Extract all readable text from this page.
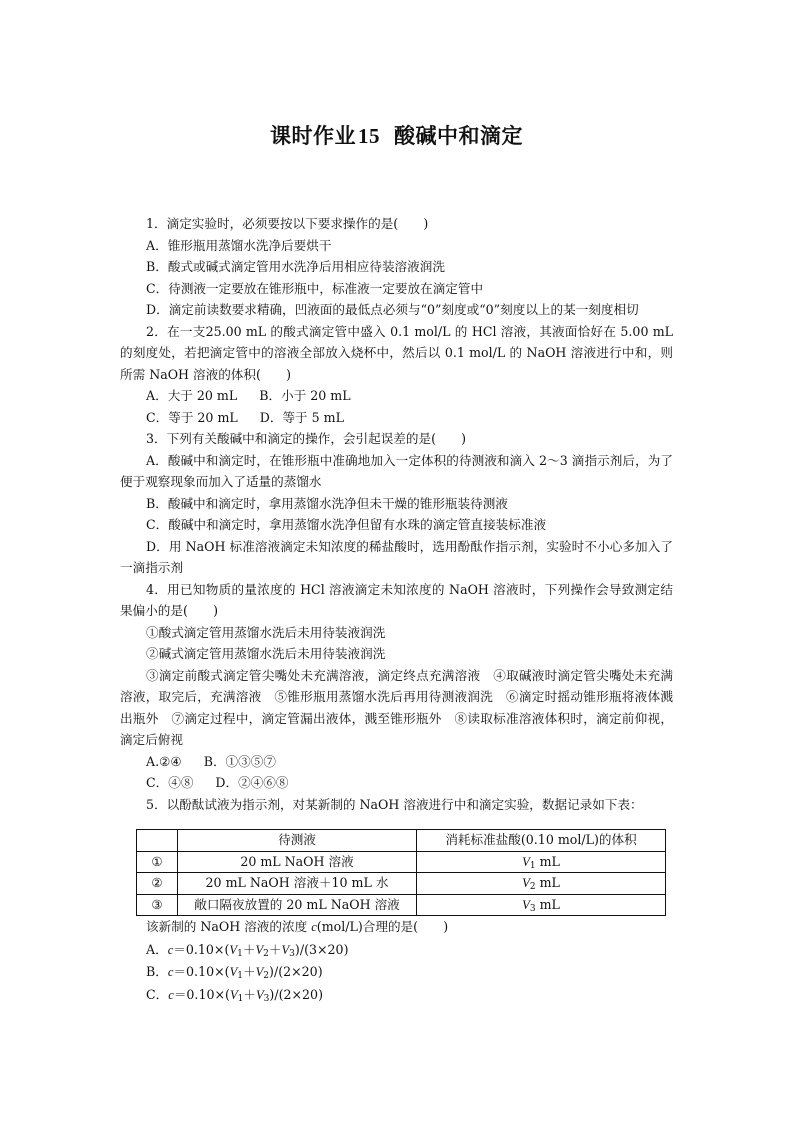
课时作业15 酸碱中和滴定

1．滴定实验时，必须要按以下要求操作的是(　　)

A．锥形瓶用蒸馏水洗净后要烘干

B．酸式或碱式滴定管用水洗净后用相应待装溶液润洗

C．待测液一定要放在锥形瓶中，标准液一定要放在滴定管中

D．滴定前读数要求精确，凹液面的最低点必须与“0”刻度或“0”刻度以上的某一刻度相切

2．在一支25.00 mL 的酸式滴定管中盛入 0.1 mol/L 的 HCl 溶液，其液面恰好在 5.00 mL 的刻度处，若把滴定管中的溶液全部放入烧杯中，然后以 0.1 mol/L 的 NaOH 溶液进行中和，则所需 NaOH 溶液的体积(　　)

A．大于 20 mL B．小于 20 mL

C．等于 20 mL D．等于 5 mL

3．下列有关酸碱中和滴定的操作，会引起误差的是(　　)

A．酸碱中和滴定时，在锥形瓶中准确地加入一定体积的待测液和滴入 2～3 滴指示剂后，为了便于观察现象而加入了适量的蒸馏水

B．酸碱中和滴定时，拿用蒸馏水洗净但未干燥的锥形瓶装待测液

C．酸碱中和滴定时，拿用蒸馏水洗净但留有水珠的滴定管直接装标准液

D．用 NaOH 标准溶液滴定未知浓度的稀盐酸时，选用酚酞作指示剂，实验时不小心多加入了一滴指示剂

4．用已知物质的量浓度的 HCl 溶液滴定未知浓度的 NaOH 溶液时，下列操作会导致测定结果偏小的是(　　)

①酸式滴定管用蒸馏水洗后未用待装液润洗

②碱式滴定管用蒸馏水洗后未用待装液润洗

③滴定前酸式滴定管尖嘴处未充满溶液，滴定终点充满溶液　④取碱液时滴定管尖嘴处未充满溶液，取完后，充满溶液　⑤锥形瓶用蒸馏水洗后再用待测液润洗　⑥滴定时摇动锥形瓶将液体溅出瓶外　⑦滴定过程中，滴定管漏出液体，溅至锥形瓶外　⑧读取标准溶液体积时，滴定前仰视，滴定后俯视

A.②④ B．①③⑤⑦

C．④⑧ D．②④⑥⑧

5．以酚酞试液为指示剂，对某新制的 NaOH 溶液进行中和滴定实验，数据记录如下表：

	待测液	消耗标准盐酸(0.10 mol/L)的体积
①	20 mL NaOH 溶液	$V_1$ mL
②	20 mL NaOH 溶液＋10 mL 水	$V_2$ mL
③	敞口隔夜放置的 20 mL NaOH 溶液	$V_3$ mL

该新制的 NaOH 溶液的浓度 c(mol/L)合理的是(　　)

A．$c=0.10\times(V_1+V_2+V_3)/(3\times 20)$

B．$c=0.10\times(V_1+V_2)/(2\times 20)$

C．$c=0.10\times(V_1+V_3)/(2\times 20)$
